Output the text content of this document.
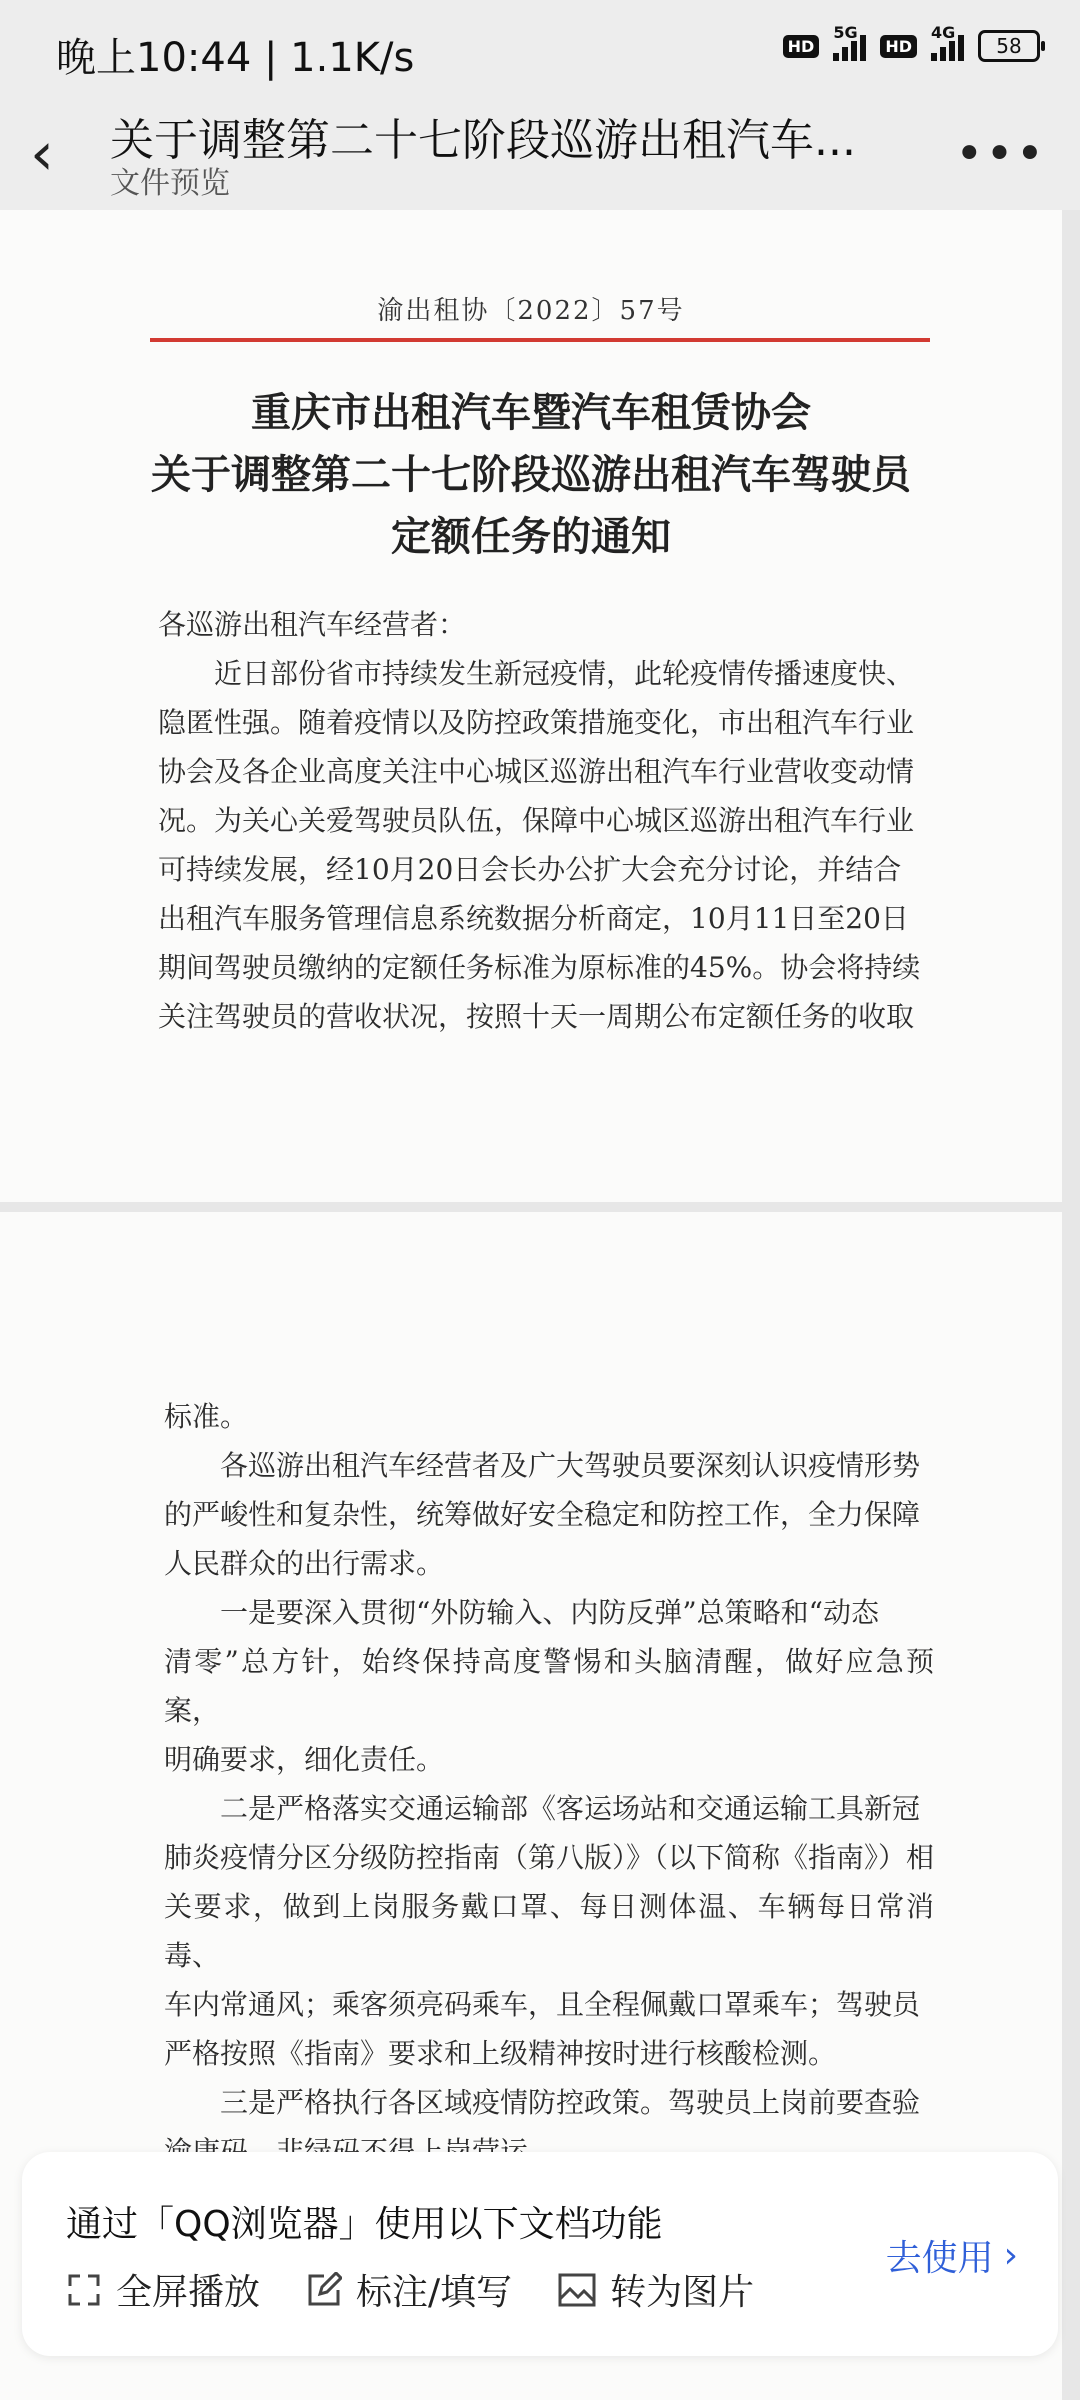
晚上10:44 | 1.1K/s	HD
5G
HD
4G
58
‹	关于调整第二十七阶段巡游出租汽车...
文件预览
•••
渝出租协〔2022〕57号
重庆市出租汽车暨汽车租赁协会
关于调整第二十七阶段巡游出租汽车驾驶员
定额任务的通知

各巡游出租汽车经营者：

近日部份省市持续发生新冠疫情，此轮疫情传播速度快、

隐匿性强。随着疫情以及防控政策措施变化，市出租汽车行业

协会及各企业高度关注中心城区巡游出租汽车行业营收变动情

况。为关心关爱驾驶员队伍，保障中心城区巡游出租汽车行业

可持续发展，经10月20日会长办公扩大会充分讨论，并结合

出租汽车服务管理信息系统数据分析商定，10月11日至20日

期间驾驶员缴纳的定额任务标准为原标准的45%。协会将持续

关注驾驶员的营收状况，按照十天一周期公布定额任务的收取

标准。

各巡游出租汽车经营者及广大驾驶员要深刻认识疫情形势

的严峻性和复杂性，统筹做好安全稳定和防控工作，全力保障

人民群众的出行需求。

一是要深入贯彻“外防输入、内防反弹”总策略和“动态

清零”总方针，始终保持高度警惕和头脑清醒，做好应急预案，

明确要求，细化责任。

二是严格落实交通运输部《客运场站和交通运输工具新冠

肺炎疫情分区分级防控指南（第八版）》（以下简称《指南》）相

关要求，做到上岗服务戴口罩、每日测体温、车辆每日常消毒、

车内常通风；乘客须亮码乘车，且全程佩戴口罩乘车；驾驶员

严格按照《指南》要求和上级精神按时进行核酸检测。

三是严格执行各区域疫情防控政策。驾驶员上岗前要查验

通过「QQ浏览器」使用以下文档功能
全屏播放	标注/填写	转为图片
去使用 ›
